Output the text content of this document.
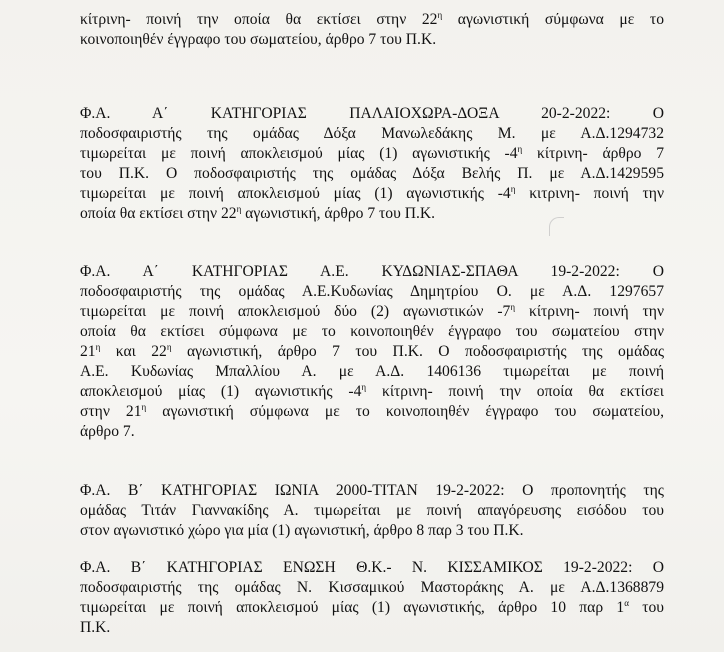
κίτρινη- ποινή την οποία θα εκτίσει στην $22^\eta$ αγωνιστική σύμφωνα με το
κοινοποιηθέν έγγραφο του σωματείου, άρθρο 7 του Π.Κ.
Φ.Α. Α΄ ΚΑΤΗΓΟΡΙΑΣ ΠΑΛΑΙΟΧΩΡΑ-ΔΟΞΑ 20-2-2022: Ο
ποδοσφαιριστής της ομάδας Δόξα Μανωλεδάκης Μ. με Α.Δ.1294732
τιμωρείται με ποινή αποκλεισμού μίας (1) αγωνιστικής $-4^\eta$ κίτρινη- άρθρο 7
του Π.Κ. Ο ποδοσφαιριστής της ομάδας Δόξα Βελής Π. με Α.Δ.1429595
τιμωρείται με ποινή αποκλεισμού μίας (1) αγωνιστικής $-4^\eta$ κιτρινη- ποινή την
οποία θα εκτίσει στην $22^\eta$ αγωνιστική, άρθρο 7 του Π.Κ.
Φ.Α. Α΄ ΚΑΤΗΓΟΡΙΑΣ Α.Ε. ΚΥΔΩΝΙΑΣ-ΣΠΑΘΑ 19-2-2022: Ο
ποδοσφαιριστής της ομάδας Α.Ε.Κυδωνίας Δημητρίου Ο. με Α.Δ. 1297657
τιμωρείται με ποινή αποκλεισμού δύο (2) αγωνιστικών $-7^\eta$ κίτρινη- ποινή την
οποία θα εκτίσει σύμφωνα με το κοινοποιηθέν έγγραφο του σωματείου στην
$21^\eta$ και $22^\eta$ αγωνιστική, άρθρο 7 του Π.Κ. Ο ποδοσφαιριστής της ομάδας
Α.Ε. Κυδωνίας Μπαλλίου Α. με Α.Δ. 1406136 τιμωρείται με ποινή
αποκλεισμού μίας (1) αγωνιστικής $-4^\eta$ κίτρινη- ποινή την οποία θα εκτίσει
στην $21^\eta$ αγωνιστική σύμφωνα με το κοινοποιηθέν έγγραφο του σωματείου,
άρθρο 7.
Φ.Α. Β΄ ΚΑΤΗΓΟΡΙΑΣ ΙΩΝΙΑ 2000-ΤΙΤΑΝ 19-2-2022: Ο προπονητής της
ομάδας Τιτάν Γιαννακίδης Α. τιμωρείται με ποινή απαγόρευσης εισόδου του
στον αγωνιστικό χώρο για μία (1) αγωνιστική, άρθρο 8 παρ 3 του Π.Κ.
Φ.Α. Β΄ ΚΑΤΗΓΟΡΙΑΣ ΕΝΩΣΗ Θ.Κ.- Ν. ΚΙΣΣΑΜΙΚΟΣ 19-2-2022: Ο
ποδοσφαιριστής της ομάδας Ν. Κισσαμικού Μαστοράκης Α. με Α.Δ.1368879
τιμωρείται με ποινή αποκλεισμού μίας (1) αγωνιστικής, άρθρο 10 παρ $1^\alpha$ του
Π.Κ.
